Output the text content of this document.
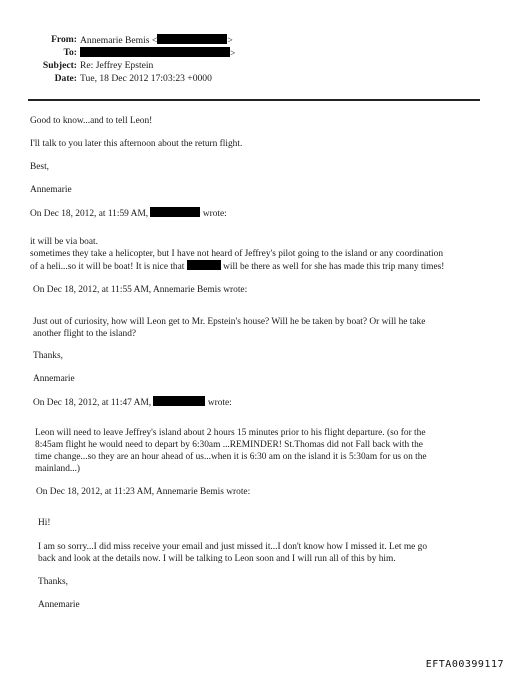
From: Annemarie Bemis <	>
To:	>
Subject: Re: Jeffrey Epstein
Date: Tue, 18 Dec 2012 17:03:23 +0000
Good to know...and to tell Leon!
I'll talk to you later this afternoon about the return flight.
Best,
Annemarie
On Dec 18, 2012, at 11:59 AM,	wrote:
it will be via boat.
sometimes they take a helicopter, but I have not heard of Jeffrey's pilot going to the island or any coordination
of a heli...so it will be boat! It is nice that	will be there as well for she has made this trip many times!
On Dec 18, 2012, at 11:55 AM, Annemarie Bemis wrote:
Just out of curiosity, how will Leon get to Mr. Epstein's house? Will he be taken by boat? Or will he take
another flight to the island?
Thanks,
Annemarie
On Dec 18, 2012, at 11:47 AM,	wrote:
Leon will need to leave Jeffrey's island about 2 hours 15 minutes prior to his flight departure. (so for the
8:45am flight he would need to depart by 6:30am ...REMINDER! St.Thomas did not Fall back with the
time change...so they are an hour ahead of us...when it is 6:30 am on the island it is 5:30am for us on the
mainland...)
On Dec 18, 2012, at 11:23 AM, Annemarie Bemis wrote:
Hi!
I am so sorry...I did miss receive your email and just missed it...I don't know how I missed it. Let me go
back and look at the details now. I will be talking to Leon soon and I will run all of this by him.
Thanks,
Annemarie
EFTA00399117
